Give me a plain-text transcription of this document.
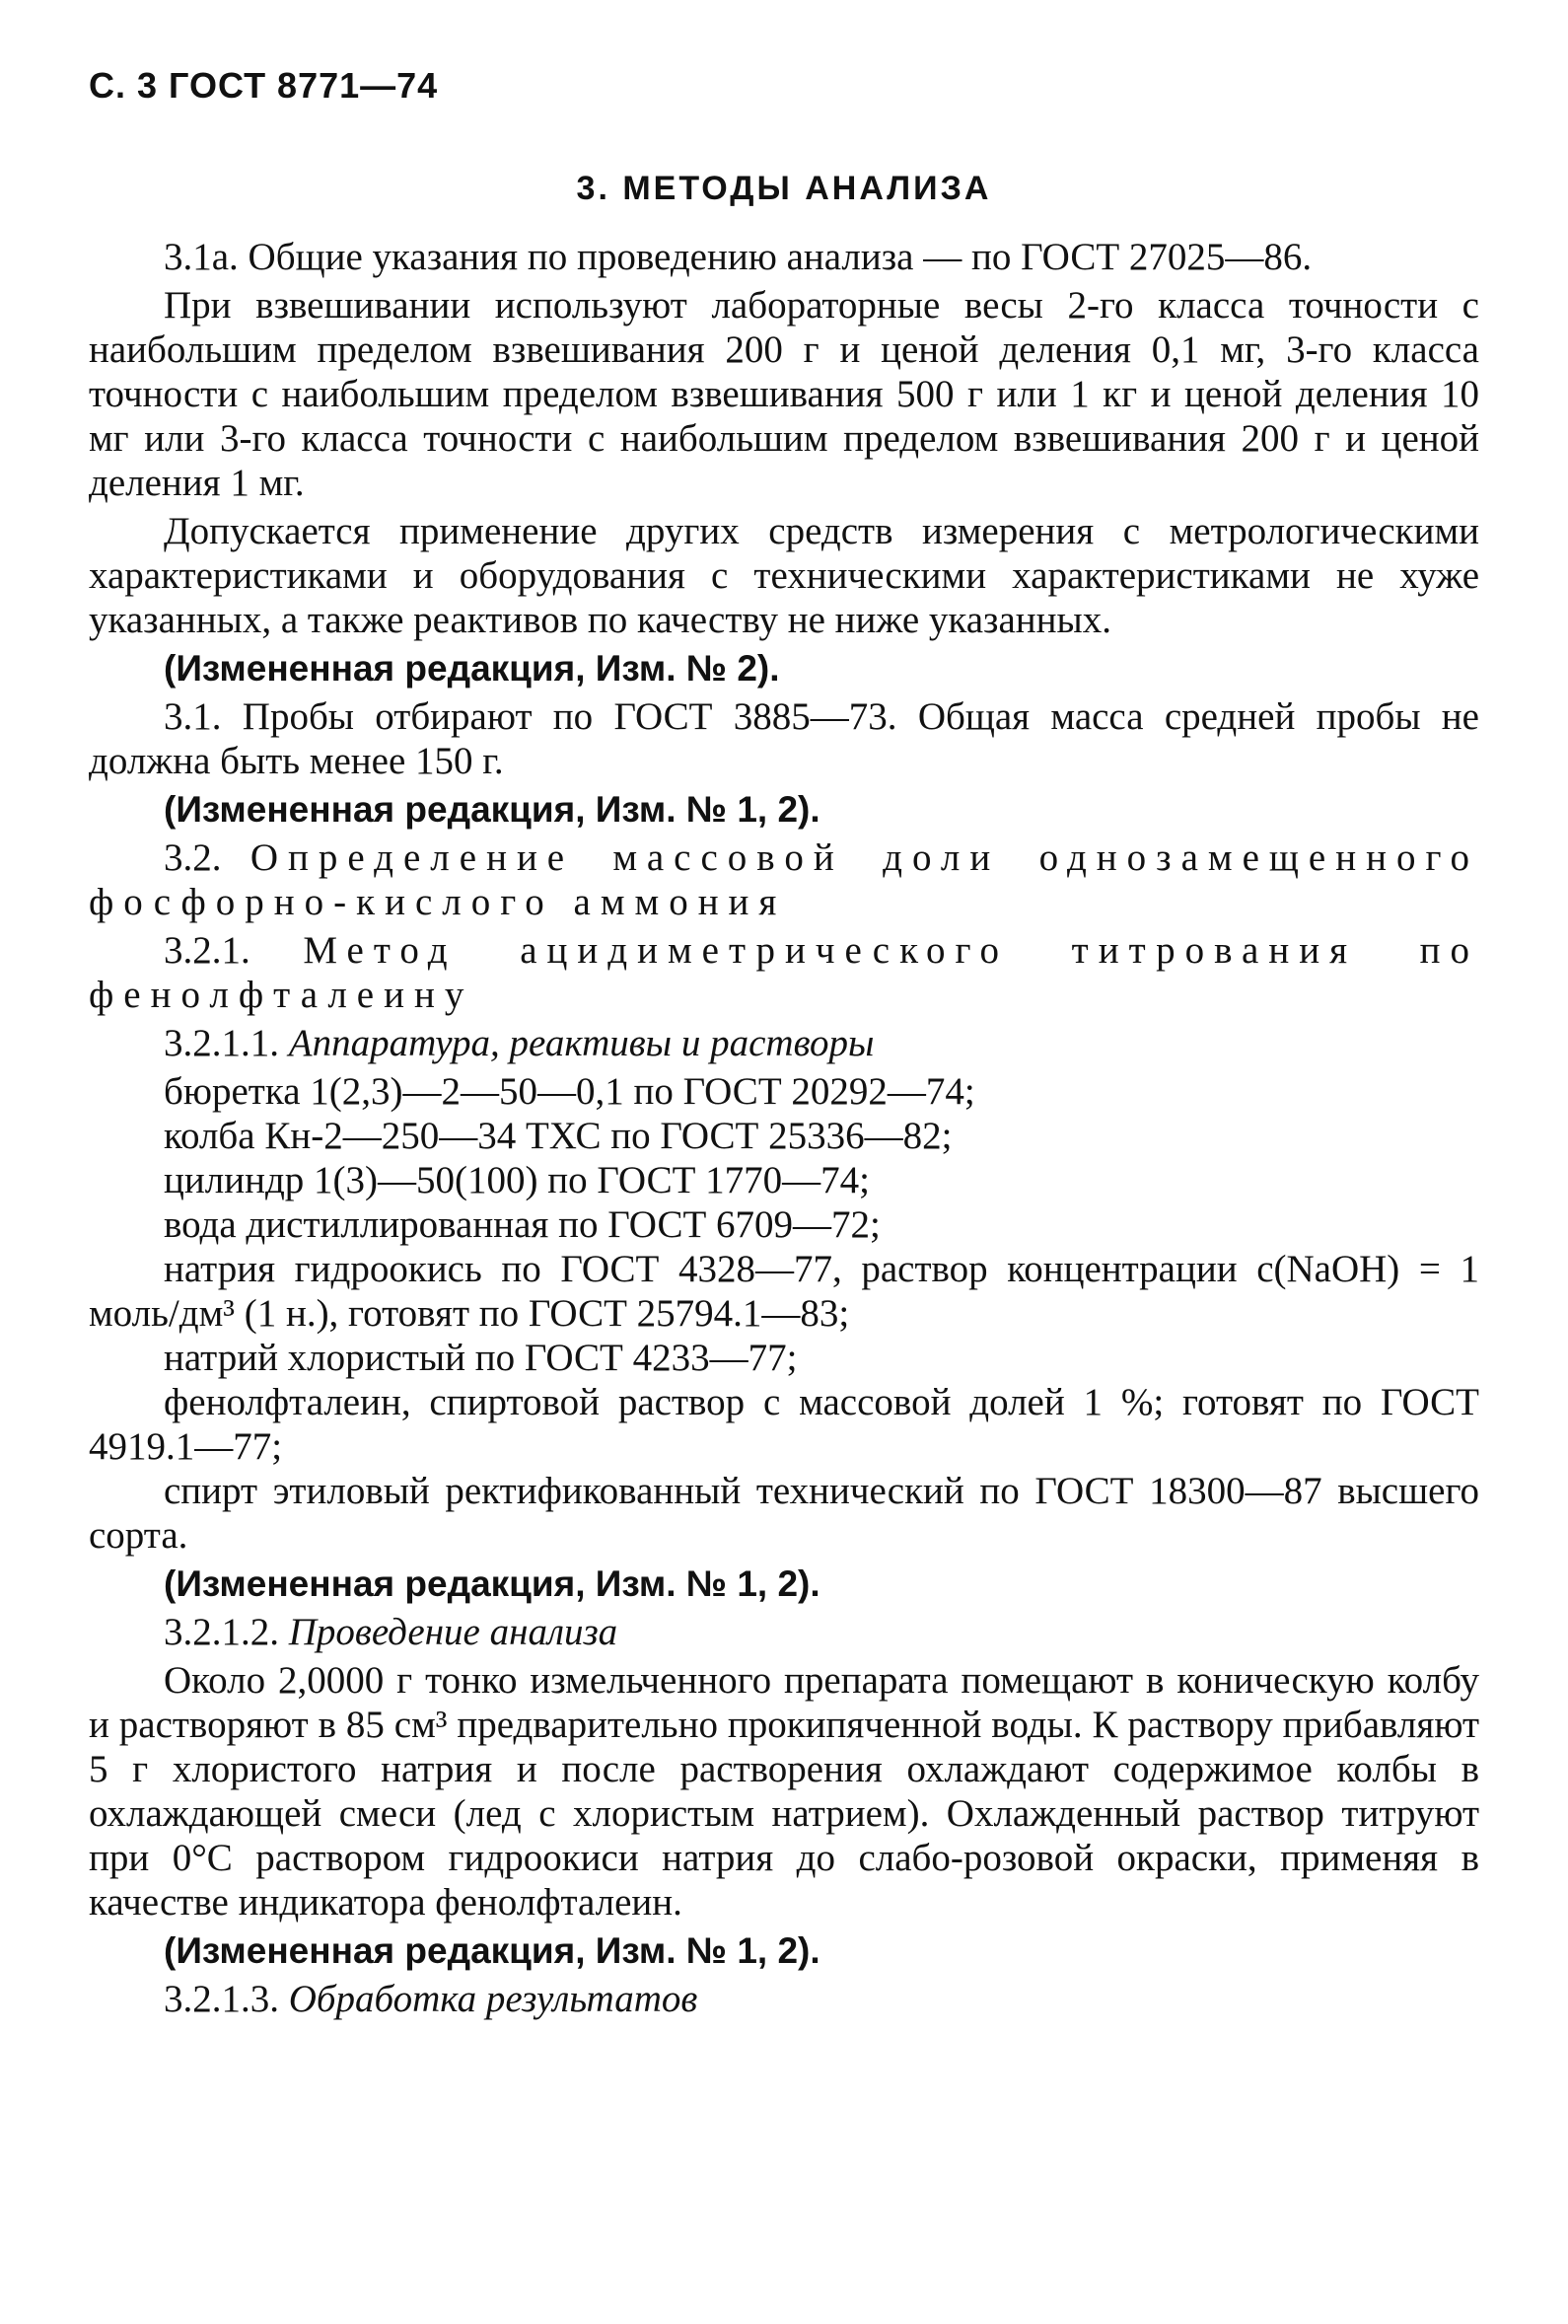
С. 3 ГОСТ 8771—74
3. МЕТОДЫ АНАЛИЗА

3.1а. Общие указания по проведению анализа — по ГОСТ 27025—86.

При взвешивании используют лабораторные весы 2-го класса точности с наибольшим пределом взвешивания 200 г и ценой деления 0,1 мг, 3-го класса точности с наибольшим пределом взвешивания 500 г или 1 кг и ценой деления 10 мг или 3-го класса точности с наибольшим пределом взвешивания 200 г и ценой деления 1 мг.

Допускается применение других средств измерения с метрологическими характеристиками и оборудования с техническими характеристиками не хуже указанных, а также реактивов по качеству не ниже указанных.

(Измененная редакция, Изм. № 2).

3.1. Пробы отбирают по ГОСТ 3885—73. Общая масса средней пробы не должна быть менее 150 г.

(Измененная редакция, Изм. № 1, 2).

3.2. Определение массовой доли однозамещенного фосфорно-кислого аммония

3.2.1. Метод ацидиметрического титрования по фенолфталеину

3.2.1.1. Аппаратура, реактивы и растворы

бюретка 1(2,3)—2—50—0,1 по ГОСТ 20292—74;

колба Кн-2—250—34 ТХС по ГОСТ 25336—82;

цилиндр 1(3)—50(100) по ГОСТ 1770—74;

вода дистиллированная по ГОСТ 6709—72;

натрия гидроокись по ГОСТ 4328—77, раствор концентрации c(NaOH) = 1 моль/дм³ (1 н.), готовят по ГОСТ 25794.1—83;

натрий хлористый по ГОСТ 4233—77;

фенолфталеин, спиртовой раствор с массовой долей 1 %; готовят по ГОСТ 4919.1—77;

спирт этиловый ректификованный технический по ГОСТ 18300—87 высшего сорта.

(Измененная редакция, Изм. № 1, 2).

3.2.1.2. Проведение анализа

Около 2,0000 г тонко измельченного препарата помещают в коническую колбу и растворяют в 85 см³ предварительно прокипяченной воды. К раствору прибавляют 5 г хлористого натрия и после растворения охлаждают содержимое колбы в охлаждающей смеси (лед с хлористым натрием). Охлажденный раствор титруют при 0°С раствором гидроокиси натрия до слабо-розовой окраски, применяя в качестве индикатора фенолфталеин.

(Измененная редакция, Изм. № 1, 2).

3.2.1.3. Обработка результатов
